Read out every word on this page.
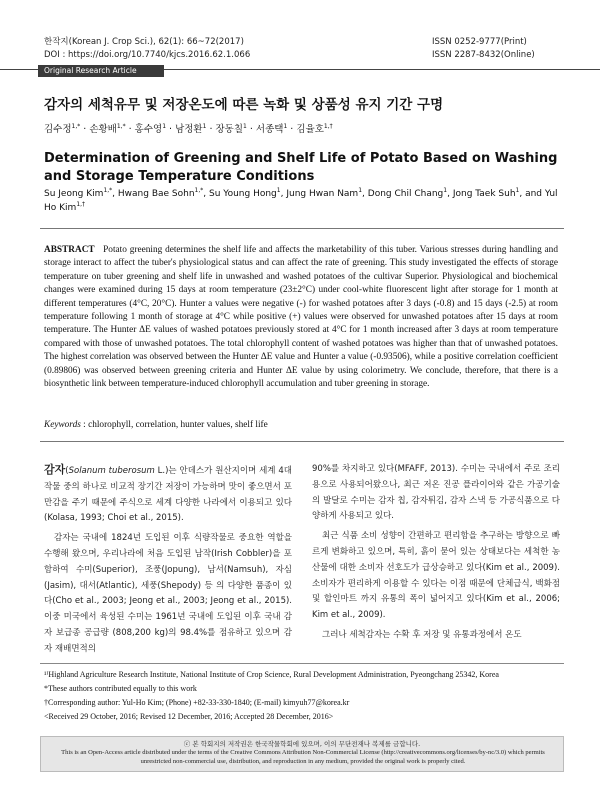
한작지(Korean J. Crop Sci.), 62(1): 66~72(2017)
DOI : https://doi.org/10.7740/kjcs.2016.62.1.066
ISSN 0252-9777(Print)
ISSN 2287-8432(Online)
Original Research Article
감자의 세척유무 및 저장온도에 따른 녹화 및 상품성 유지 기간 구명
김수정$^{1,*}$ · 손황배$^{1,*}$ · 홍수영$^1$ · 남정환$^1$ · 장동칠$^1$ · 서종택$^1$ · 김율호$^{1,\dagger}$
Determination of Greening and Shelf Life of Potato Based on Washing and Storage Temperature Conditions
Su Jeong Kim$^{1,*}$, Hwang Bae Sohn$^{1,*}$, Su Young Hong$^1$, Jung Hwan Nam$^1$, Dong Chil Chang$^1$, Jong Taek Suh$^1$, and Yul Ho Kim$^{1,\dagger}$
ABSTRACT Potato greening determines the shelf life and affects the marketability of this tuber. Various stresses during handling and storage interact to affect the tuber's physiological status and can affect the rate of greening. This study investigated the effects of storage temperature on tuber greening and shelf life in unwashed and washed potatoes of the cultivar Superior. Physiological and biochemical changes were examined during 15 days at room temperature (23±2°C) under cool-white fluorescent light after storage for 1 month at different temperatures (4°C, 20°C). Hunter a values were negative (-) for washed potatoes after 3 days (-0.8) and 15 days (-2.5) at room temperature following 1 month of storage at 4°C while positive (+) values were observed for unwashed potatoes after 15 days at room temperature. The Hunter ΔE values of washed potatoes previously stored at 4°C for 1 month increased after 3 days at room temperature compared with those of unwashed potatoes. The total chlorophyll content of washed potatoes was higher than that of unwashed potatoes. The highest correlation was observed between the Hunter ΔE value and Hunter a value (-0.93506), while a positive correlation coefficient (0.89806) was observed between greening criteria and Hunter ΔE value by using colorimetry. We conclude, therefore, that there is a biosynthetic link between temperature-induced chlorophyll accumulation and tuber greening in storage.
Keywords : chlorophyll, correlation, hunter values, shelf life

감자(Solanum tuberosum L.)는 안데스가 원산지이며 세계 4대 작물 중의 하나로 비교적 장기간 저장이 가능하며 맛이 좋으면서 포만감을 주기 때문에 주식으로 세계 다양한 나라에서 이용되고 있다(Kolasa, 1993; Choi et al., 2015).

감자는 국내에 1824년 도입된 이후 식량작물로 중요한 역할을 수행해 왔으며, 우리나라에 처음 도입된 남작(Irish Cobbler)을 포함하여 수미(Superior), 조풍(Jopung), 남서(Namsuh), 자심(Jasim), 대서(Atlantic), 세풍(Shepody) 등 의 다양한 품종이 있다(Cho et al., 2003; Jeong et al., 2003; Jeong et al., 2015). 이중 미국에서 육성된 수미는 1961년 국내에 도입된 이후 국내 감자 보급종 공급량 (808,200 kg)의 98.4%를 점유하고 있으며 감자 재배면적의

90%를 차지하고 있다(MFAFF, 2013). 수미는 국내에서 주로 조리용으로 사용되어왔으나, 최근 저온 진공 플라이어와 같은 가공기술의 발달로 수미는 감자 칩, 감자튀김, 감자 스낵 등 가공식품으로 다양하게 사용되고 있다.

최근 식품 소비 성향이 간편하고 편리함을 추구하는 방향으로 빠르게 변화하고 있으며, 특히, 흙이 묻어 있는 상태보다는 세척한 농산물에 대한 소비자 선호도가 급상승하고 있다(Kim et al., 2009). 소비자가 편리하게 이용할 수 있다는 이점 때문에 단체급식, 백화점 및 할인마트 까지 유통의 폭이 넓어지고 있다(Kim et al., 2006; Kim et al., 2009).

그러나 세척감자는 수확 후 저장 및 유통과정에서 온도

¹⁾Highland Agriculture Research Institute, National Institute of Crop Science, Rural Development Administration, Pyeongchang 25342, Korea
*These authors contributed equally to this work
†Corresponding author: Yul-Ho Kim; (Phone) +82-33-330-1840; (E-mail) kimyuh77@korea.kr
<Received 29 October, 2016; Revised 12 December, 2016; Accepted 28 December, 2016>
ⓒ 본 학회지의 저작권은 한국작물학회에 있으며, 이의 무단전재나 복제를 금합니다.
This is an Open-Access article distributed under the terms of the Creative Commons Attribution Non-Commercial License (http://creativecommons.org/licenses/by-nc/3.0) which permits unrestricted non-commercial use, distribution, and reproduction in any medium, provided the original work is properly cited.
